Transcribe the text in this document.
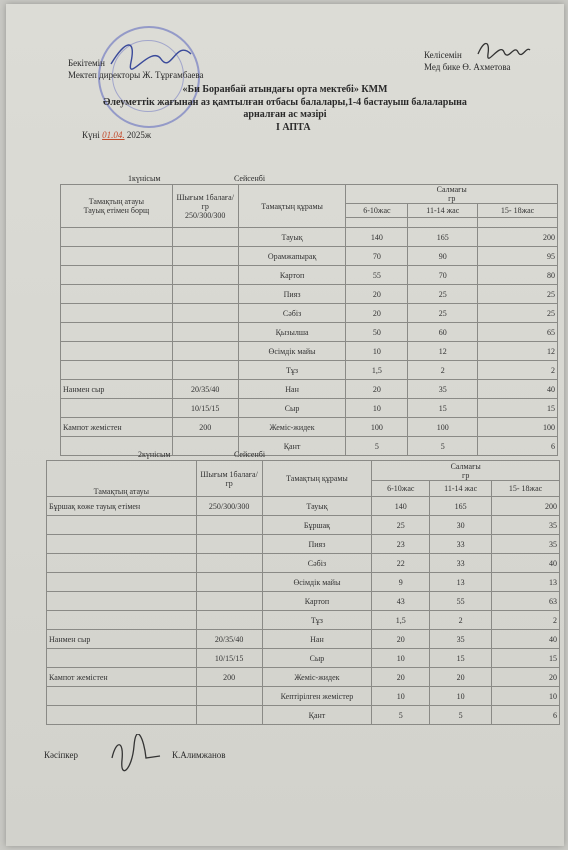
Бекітемін
Мектеп директоры Ж. Тұрғамбаева
Келісемін
Мед бике Ө. Ахметова
«Би Боранбай атындағы орта мектебі» КММ
Әлеуметтік жағынан аз қамтылған отбасы балалары,1-4 бастауыш балаларына
арналған ас мәзірі
Күні 01.04. 2025ж
I АПТА
1күнісым	Сейсенбі
Тамақтың атауы
Тауық етімен борщ	Шығым 1балаға/гр
250/300/300	Тамақтың құрамы	Салмағы
гр		
			6-10жас	11-14 жас	15- 18жас

		Тауық	140	165	200
		Орамжапырақ	70	90	95
		Картоп	55	70	80
		Пияз	20	25	25
		Сәбіз	20	25	25
		Қызылша	50	60	65
		Өсімдік майы	10	12	12
		Тұз	1,5	2	2
Нанмен сыр	20/35/40	Нан	20	35	40
	10/15/15	Сыр	10	15	15
Кампот жемістен	200	Жеміс-жидек	100	100	100
		Қант	5	5	6
2күнісым	Сейсенбі
Тамақтың атауы	Шығым 1балаға/гр	Тамақтың құрамы	Салмағы
гр		
			6-10жас	11-14 жас	15- 18жас
Бұршақ көже тауық етімен	250/300/300	Тауық	140	165	200
		Бұршақ	25	30	35
		Пияз	23	33	35
		Сәбіз	22	33	40
		Өсімдік майы	9	13	13
		Картоп	43	55	63
		Тұз	1,5	2	2
Нанмен сыр	20/35/40	Нан	20	35	40
	10/15/15	Сыр	10	15	15
Кампот жемістен	200	Жеміс-жидек	20	20	20
		Кептірілген жемістер	10	10	10
		Қант	5	5	6
Кәсіпкер	К.Алимжанов
